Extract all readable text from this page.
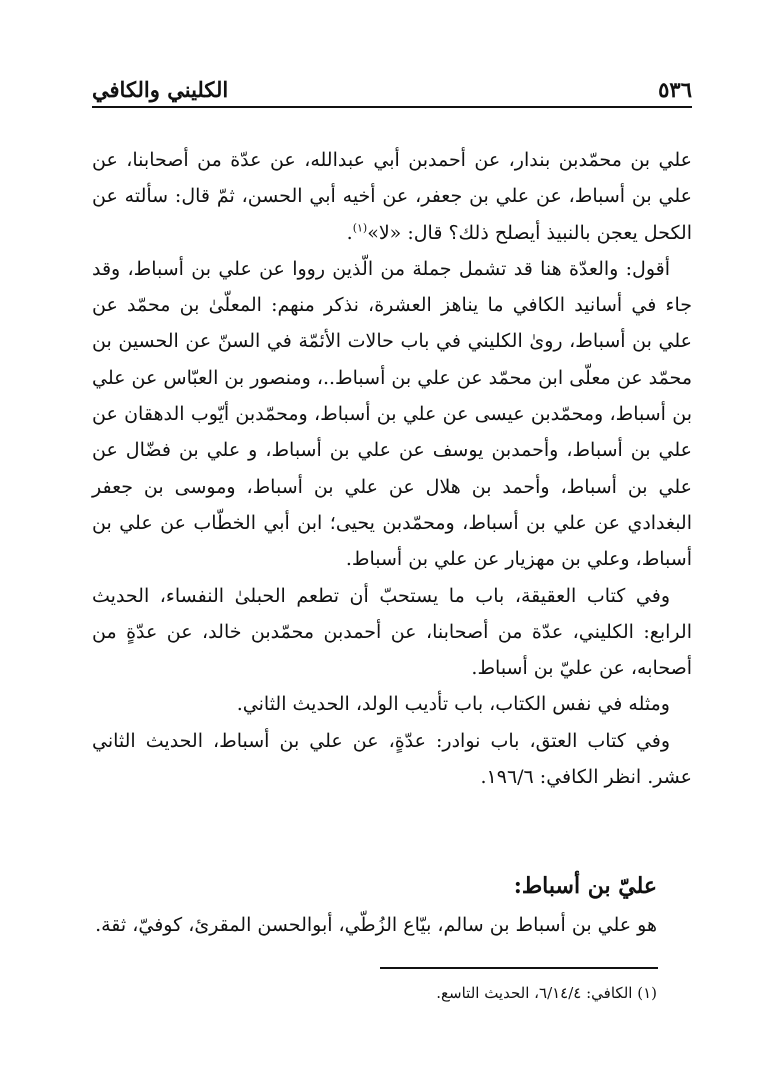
٥٣٦
الكليني والكافي

علي بن محمّدبن بندار، عن أحمدبن أبي عبدالله، عن عدّة من أصحابنا، عن علي بن أسباط، عن علي بن جعفر، عن أخيه أبي الحسن، ثمّ قال: سألته عن الكحل يعجن بالنبيذ أيصلح ذلك؟ قال: «لا»$^{(١)}$.

أقول: والعدّة هنا قد تشمل جملة من الّذين رووا عن علي بن أسباط، وقد جاء في أسانيد الكافي ما يناهز العشرة، نذكر منهم: المعلّىٰ بن محمّد عن علي بن أسباط، روىٰ الكليني في باب حالات الأئمّة في السنّ عن الحسين بن محمّد عن معلّى ابن محمّد عن علي بن أسباط..، ومنصور بن العبّاس عن علي بن أسباط، ومحمّدبن عيسى عن علي بن أسباط، ومحمّدبن أيّوب الدهقان عن علي بن أسباط، وأحمدبن يوسف عن علي بن أسباط، و علي بن فضّال عن علي بن أسباط، وأحمد بن هلال عن علي بن أسباط، وموسى بن جعفر البغدادي عن علي بن أسباط، ومحمّدبن يحيى؛ ابن أبي الخطّاب عن علي بن أسباط، وعلي بن مهزيار عن علي بن أسباط.

وفي كتاب العقيقة، باب ما يستحبّ أن تطعم الحبلىٰ النفساء، الحديث الرابع: الكليني، عدّة من أصحابنا، عن أحمدبن محمّدبن خالد، عن عدّةٍ من أصحابه، عن عليّ بن أسباط.

ومثله في نفس الكتاب، باب تأديب الولد، الحديث الثاني.

وفي كتاب العتق، باب نوادر: عدّةٍ، عن علي بن أسباط، الحديث الثاني عشر. انظر الكافي: ١٩٦/٦.

عليّ بن أسباط:
هو علي بن أسباط بن سالم، بيّاع الزُطّي، أبوالحسن المقرئ، كوفيّ، ثقة.
(١) الكافي: ٦/١٤/٤، الحديث التاسع.
